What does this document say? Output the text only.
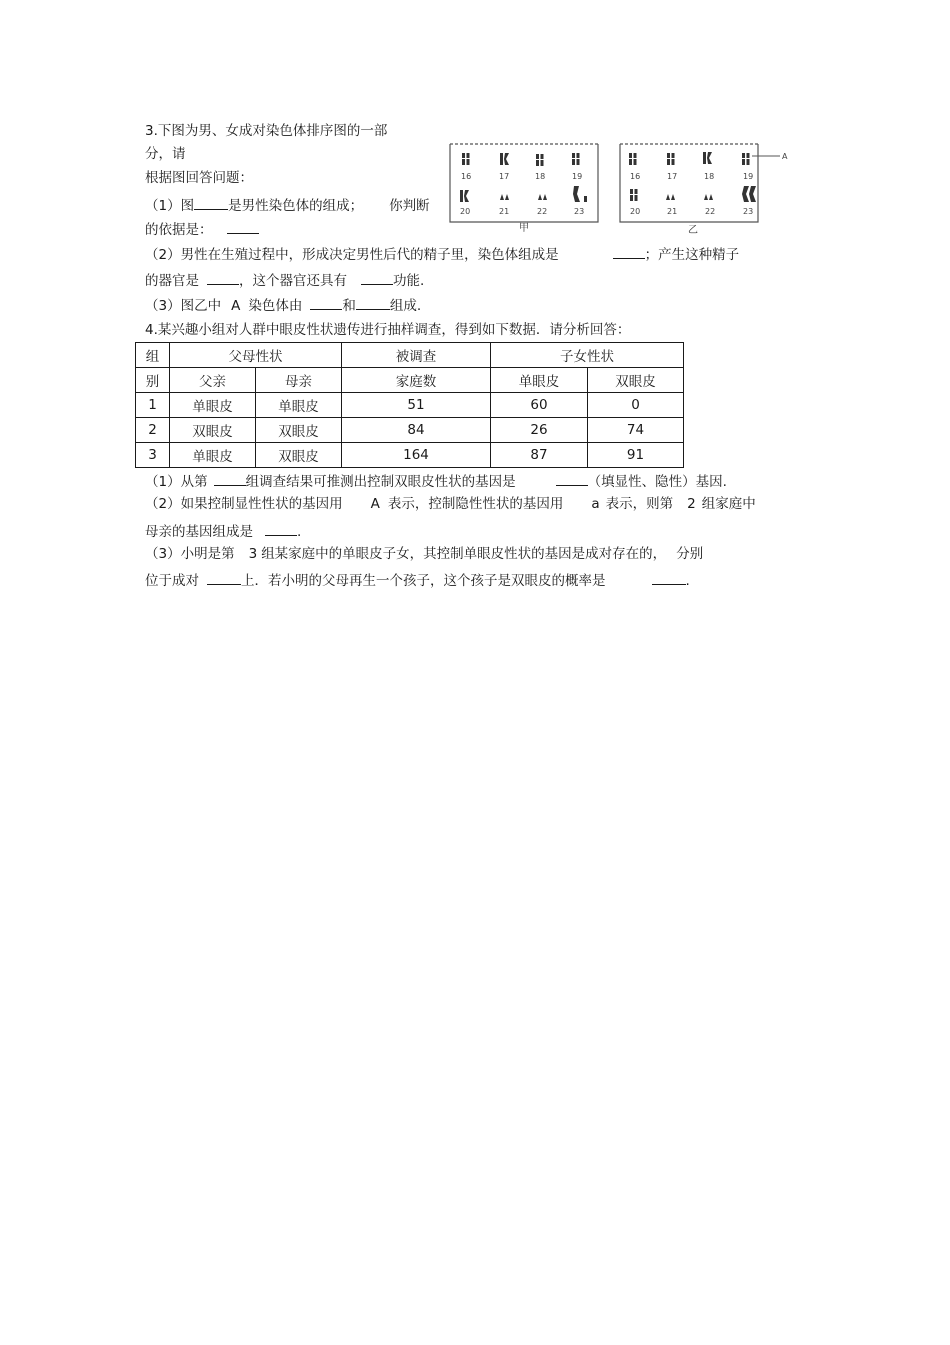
3.下图为男、女成对染色体排序图的一部
分，请
根据图回答问题：
（1）图	是男性染色体的组成； 你判断
的依据是：
（2）男性在生殖过程中，形成决定男性后代的精子里，染色体组成是	；产生这种精子
的器官是	，这个器官还具有	功能.
（3）图乙中 A 染色体由	和	组成.
16	17	18	19
20	21	22	23
甲
A
16	17	18	19
20	21	22	23
乙
4.某兴趣小组对人群中眼皮性状遗传进行抽样调查，得到如下数据．请分析回答：
组	父母性状		被调查	子女性状	
别	父亲	母亲	家庭数	单眼皮	双眼皮
1	单眼皮	单眼皮	51	60	0
2	双眼皮	双眼皮	84	26	74
3	单眼皮	双眼皮	164	87	91
（1）从第	组调查结果可推测出控制双眼皮性状的基因是	（填显性、隐性）基因.
（2）如果控制显性性状的基因用 A 表示，控制隐性性状的基因用 a 表示，则第 2 组家庭中
母亲的基因组成是	.
（3）小明是第 3 组某家庭中的单眼皮子女，其控制单眼皮性状的基因是成对存在的， 分别
位于成对	上．若小明的父母再生一个孩子，这个孩子是双眼皮的概率是	.
